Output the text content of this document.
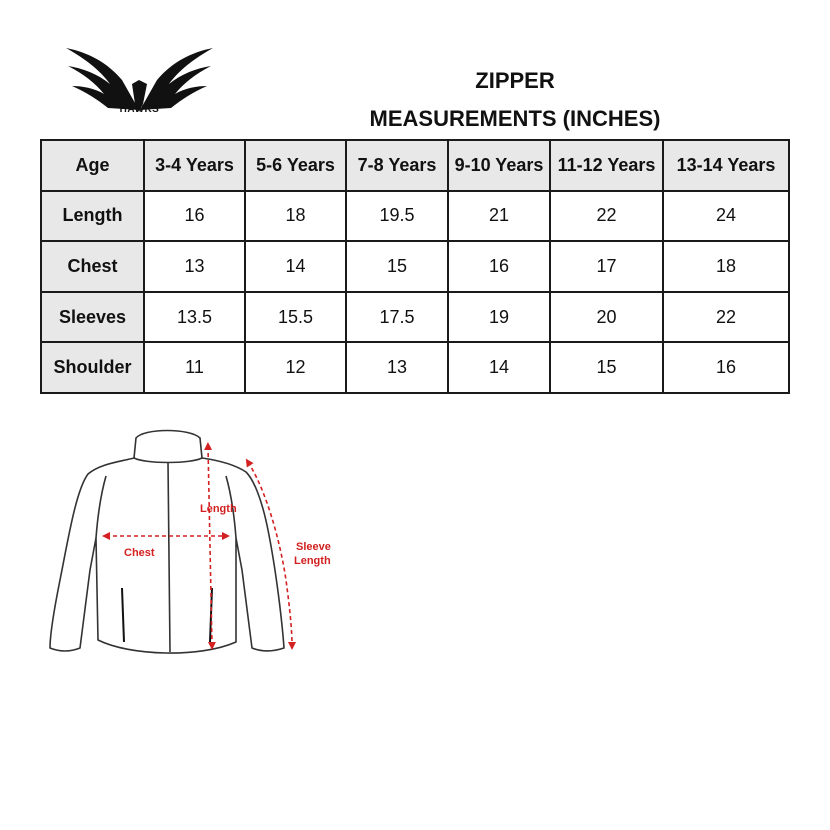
HAWKS
ZIPPER
MEASUREMENTS (INCHES)
Age	3-4 Years	5-6 Years	7-8 Years	9-10 Years	11-12 Years	13-14 Years
Length	16	18	19.5	21	22	24
Chest	13	14	15	16	17	18
Sleeves	13.5	15.5	17.5	19	20	22
Shoulder	11	12	13	14	15	16
Chest
Length
Sleeve
Length
